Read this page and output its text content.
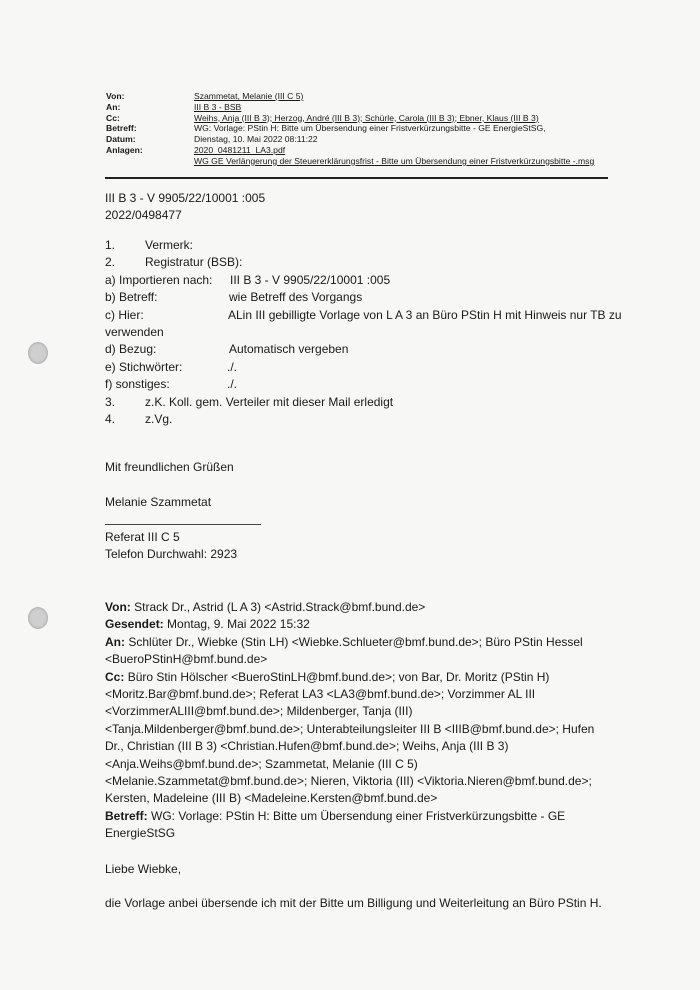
Von:	Szammetat, Melanie (III C 5)
An:	III B 3 - BSB
Cc:	Weihs, Anja (III B 3); Herzog, André (III B 3); Schürle, Carola (III B 3); Ebner, Klaus (III B 3)
Betreff:	WG: Vorlage: PStin H: Bitte um Übersendung einer Fristverkürzungsbitte - GE EnergieStSG,
Datum:	Dienstag, 10. Mai 2022 08:11:22
Anlagen:	2020_0481211_LA3.pdf
WG GE Verlängerung der Steuererklärungsfrist - Bitte um Übersendung einer Fristverkürzungsbitte -.msg
III B 3 - V 9905/22/10001 :005
2022/0498477
1. Vermerk:
2. Registratur (BSB):
a) Importieren nach: III B 3 - V 9905/22/10001 :005
b) Betreff:	wie Betreff des Vorgangs
c) Hier:	ALin III gebilligte Vorlage von L A 3 an Büro PStin H mit Hinweis nur TB zu
verwenden
d) Bezug:	Automatisch vergeben
e) Stichwörter:	./.
f) sonstiges:	./.
3. z.K. Koll. gem. Verteiler mit dieser Mail erledigt
4. z.Vg.
Mit freundlichen Grüßen
Melanie Szammetat
Referat III C 5
Telefon Durchwahl: 2923

Von: Strack Dr., Astrid (L A 3) <Astrid.Strack@bmf.bund.de>

Gesendet: Montag, 9. Mai 2022 15:32

An: Schlüter Dr., Wiebke (Stin LH) <Wiebke.Schlueter@bmf.bund.de>; Büro PStin Hessel <BueroPStinH@bmf.bund.de>

Cc: Büro Stin Hölscher <BueroStinLH@bmf.bund.de>; von Bar, Dr. Moritz (PStin H) <Moritz.Bar@bmf.bund.de>; Referat LA3 <LA3@bmf.bund.de>; Vorzimmer AL III <VorzimmerALIII@bmf.bund.de>; Mildenberger, Tanja (III) <Tanja.Mildenberger@bmf.bund.de>; Unterabteilungsleiter III B <IIIB@bmf.bund.de>; Hufen Dr., Christian (III B 3) <Christian.Hufen@bmf.bund.de>; Weihs, Anja (III B 3) <Anja.Weihs@bmf.bund.de>; Szammetat, Melanie (III C 5) <Melanie.Szammetat@bmf.bund.de>; Nieren, Viktoria (III) <Viktoria.Nieren@bmf.bund.de>; Kersten, Madeleine (III B) <Madeleine.Kersten@bmf.bund.de>

Betreff: WG: Vorlage: PStin H: Bitte um Übersendung einer Fristverkürzungsbitte - GE EnergieStSG

Liebe Wiebke,

die Vorlage anbei übersende ich mit der Bitte um Billigung und Weiterleitung an Büro PStin H.
